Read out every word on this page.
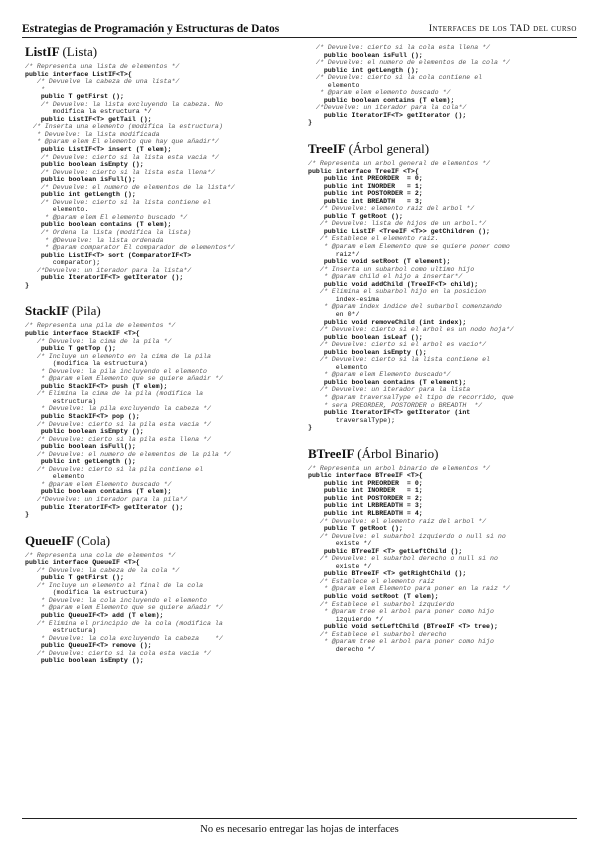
Estrategias de Programación y Estructuras de Datos	Interfaces de los TAD del curso
ListIF (Lista)
/* Representa una lista de elementos */
public interface ListIF<T>{
/* Devuelve la cabeza de una lista*/
*
public T getFirst ();
/* Devuelve: la lista excluyendo la cabeza. No
modifica la estructura */
public ListIF<T> getTail ();
/* Inserta una elemento (modifica la estructura)
* Devuelve: la lista modificada
* @param elem El elemento que hay que añadir*/
public ListIF<T> insert (T elem);
/* Devuelve: cierto si la lista esta vacia */
public boolean isEmpty ();
/* Devuelve: cierto si la lista esta llena*/
public boolean isFull();
/* Devuelve: el numero de elementos de la lista*/
public int getLength ();
/* Devuelve: cierto si la lista contiene el
elemento.
* @param elem El elemento buscado */
public boolean contains (T elem);
/* Ordena la lista (modifica la lista)
* @Devuelve: la lista ordenada
* @param comparator El comparador de elementos*/
public ListIF<T> sort (ComparatorIF<T>
comparator);
/*Devuelve: un iterador para la lista*/
public IteratorIF<T> getIterator ();
}
StackIF (Pila)
/* Representa una pila de elementos */
public interface StackIF <T>{
/* Devuelve: la cima de la pila */
public T getTop ();
/* Incluye un elemento en la cima de la pila
(modifica la estructura)
* Devuelve: la pila incluyendo el elemento
* @param elem Elemento que se quiere añadir */
public StackIF<T> push (T elem);
/* Elimina la cima de la pila (modifica la
estructura)
* Devuelve: la pila excluyendo la cabeza */
public StackIF<T> pop ();
/* Devuelve: cierto si la pila esta vacia */
public boolean isEmpty ();
/* Devuelve: cierto si la pila esta llena */
public boolean isFull();
/* Devuelve: el numero de elementos de la pila */
public int getLength ();
/* Devuelve: cierto si la pila contiene el
elemento
* @param elem Elemento buscado */
public boolean contains (T elem);
/*Devuelve: un iterador para la pila*/
public IteratorIF<T> getIterator ();
}
QueueIF (Cola)
/* Representa una cola de elementos */
public interface QueueIF <T>{
/* Devuelve: la cabeza de la cola */
public T getFirst ();
/* Incluye un elemento al final de la cola
(modifica la estructura)
* Devuelve: la cola incluyendo el elemento
* @param elem Elemento que se quiere añadir */
public QueueIF<T> add (T elem);
/* Elimina el principio de la cola (modifica la
estructura)
* Devuelve: la cola excluyendo la cabeza    */
public QueueIF<T> remove ();
/* Devuelve: cierto si la cola esta vacia */
public boolean isEmpty ();
/* Devuelve: cierto si la cola esta llena */
public boolean isFull ();
/* Devuelve: el numero de elementos de la cola */
public int getLength ();
/* Devuelve: cierto si la cola contiene el
elemento
* @param elem elemento buscado */
public boolean contains (T elem);
/*Devuelve: un iterador para la cola*/
public IteratorIF<T> getIterator ();
}
TreeIF (Árbol general)
/* Representa un arbol general de elementos */
public interface TreeIF <T>{
public int PREORDER  = 0;
public int INORDER   = 1;
public int POSTORDER = 2;
public int BREADTH   = 3;
/* Devuelve: elemento raiz del arbol */
public T getRoot ();
/* Devuelve: lista de hijos de un arbol.*/
public ListIF <TreeIF <T>> getChildren ();
/* Establece el elemento raiz.
* @param elem Elemento que se quiere poner como
raiz*/
public void setRoot (T element);
/* Inserta un subarbol como ultimo hijo
* @param child el hijo a insertar*/
public void addChild (TreeIF<T> child);
/* Elimina el subarbol hijo en la posicion
index-esima
* @param index indice del subarbol comenzando
en 0*/
public void removeChild (int index);
/* Devuelve: cierto si el arbol es un nodo hoja*/
public boolean isLeaf ();
/* Devuelve: cierto si el arbol es vacio*/
public boolean isEmpty ();
/* Devuelve: cierto si la lista contiene el
elemento
* @param elem Elemento buscado*/
public boolean contains (T element);
/* Devuelve: un iterador para la lista
* @param traversalType el tipo de recorrido, que
* sera PREORDER, POSTORDER o BREADTH  */
public IteratorIF<T> getIterator (int
traversalType);
}
BTreeIF (Árbol Binario)
/* Representa un arbol binario de elementos */
public interface BTreeIF <T>{
public int PREORDER  = 0;
public int INORDER   = 1;
public int POSTORDER = 2;
public int LRBREADTH = 3;
public int RLBREADTH = 4;
/* Devuelve: el elemento raiz del arbol */
public T getRoot ();
/* Devuelve: el subarbol izquierdo o null si no
existe */
public BTreeIF <T> getLeftChild ();
/* Devuelve: el subarbol derecho o null si no
existe */
public BTreeIF <T> getRightChild ();
/* Establece el elemento raiz
* @param elem Elemento para poner en la raiz */
public void setRoot (T elem);
/* Establece el subarbol izquierdo
* @param tree el arbol para poner como hijo
izquierdo */
public void setLeftChild (BTreeIF <T> tree);
/* Establece el subarbol derecho
* @param tree el arbol para poner como hijo
derecho */
No es necesario entregar las hojas de interfaces
